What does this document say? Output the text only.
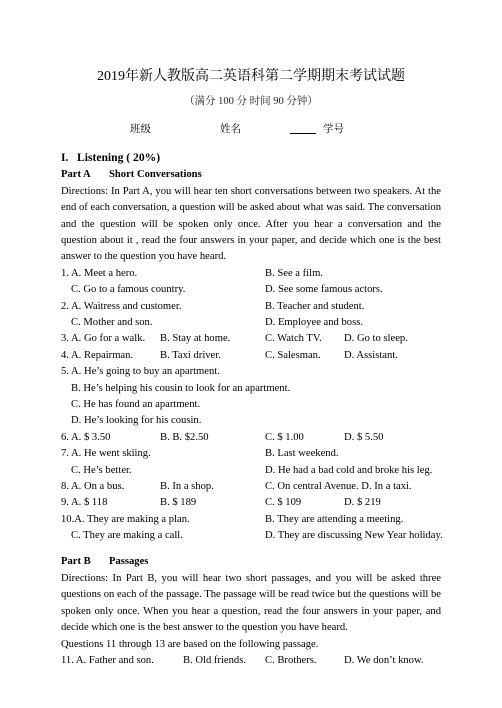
2019年新人教版高二英语科第二学期期末考试试题
（满分 100 分 时间 90 分钟）
班级
	姓名	学号
I. Listening ( 20%)
Part A Short Conversations
Directions: In Part A, you will hear ten short conversations between two speakers. At the end of each conversation, a question will be asked about what was said. The conversation and the question will be spoken only once. After you hear a conversation and the question about it , read the four answers in your paper, and decide which one is the best answer to the question you have heard.
1. A. Meet a hero.	B. See a film.
C. Go to a famous country.	D. See some famous actors.
2. A. Waitress and customer.	B. Teacher and student.
C. Mother and son.	D. Employee and boss.
3. A. Go for a walk. B. Stay at home.	C. Watch TV. D. Go to sleep.
4. A. Repairman.	B. Taxi driver.	C. Salesman. D. Assistant.
5. A. He’s going to buy an apartment.
B. He’s helping his cousin to look for an apartment.
C. He has found an apartment.
D. He’s looking for his cousin.
6. A. $ 3.50	B. B. $2.50	C. $ 1.00	D. $ 5.50
7. A. He went skiing.	B. Last weekend.
C. He’s better.	D. He had a bad cold and broke his leg.
8. A. On a bus.	B. In a shop.	C. On central Avenue. D. In a taxi.
9. A. $ 118	B. $ 189	C. $ 109	D. $ 219
10.A. They are making a plan.	B. They are attending a meeting.
C. They are making a call.	D. They are discussing New Year holiday.
Part B Passages
Directions: In Part B, you will hear two short passages, and you will be asked three questions on each of the passage. The passage will be read twice but the questions will be spoken only once. When you hear a question, read the four answers in your paper, and decide which one is the best answer to the question you have heard.
Questions 11 through 13 are based on the following passage.
11. A. Father and son.	B. Old friends. C. Brothers.	D. We don’t know.
